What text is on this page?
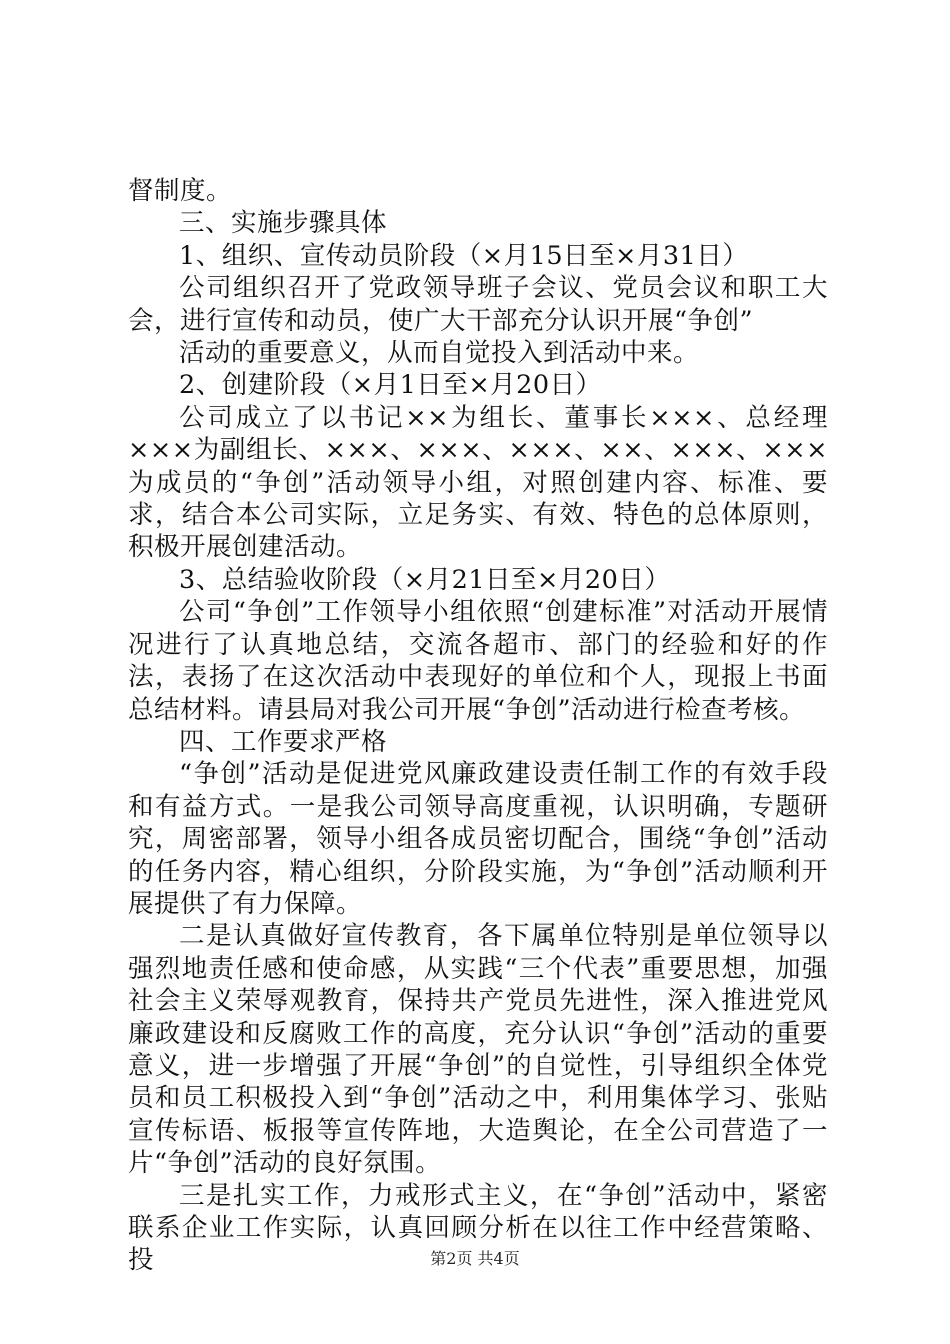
督制度。

三、实施步骤具体

1、组织、宣传动员阶段（×月15日至×月31日）

公司组织召开了党政领导班子会议、党员会议和职工大会，进行宣传和动员，使广大干部充分认识开展“争创”

活动的重要意义，从而自觉投入到活动中来。

2、创建阶段（×月1日至×月20日）

公司成立了以书记××为组长、董事长×××、总经理×××为副组长、×××、×××、×××、××、×××、×××为成员的“争创”活动领导小组，对照创建内容、标准、要求，结合本公司实际，立足务实、有效、特色的总体原则，积极开展创建活动。

3、总结验收阶段（×月21日至×月20日）

公司“争创”工作领导小组依照“创建标准”对活动开展情况进行了认真地总结，交流各超市、部门的经验和好的作法，表扬了在这次活动中表现好的单位和个人，现报上书面总结材料。请县局对我公司开展“争创”活动进行检查考核。

四、工作要求严格

“争创”活动是促进党风廉政建设责任制工作的有效手段和有益方式。一是我公司领导高度重视，认识明确，专题研究，周密部署，领导小组各成员密切配合，围绕“争创”活动的任务内容，精心组织，分阶段实施，为“争创”活动顺利开展提供了有力保障。

二是认真做好宣传教育，各下属单位特别是单位领导以强烈地责任感和使命感，从实践“三个代表”重要思想，加强社会主义荣辱观教育，保持共产党员先进性，深入推进党风廉政建设和反腐败工作的高度，充分认识“争创”活动的重要意义，进一步增强了开展“争创”的自觉性，引导组织全体党员和员工积极投入到“争创”活动之中，利用集体学习、张贴宣传标语、板报等宣传阵地，大造舆论，在全公司营造了一片“争创”活动的良好氛围。

三是扎实工作，力戒形式主义，在“争创”活动中，紧密联系企业工作实际，认真回顾分析在以往工作中经营策略、投	第2页 共4页
